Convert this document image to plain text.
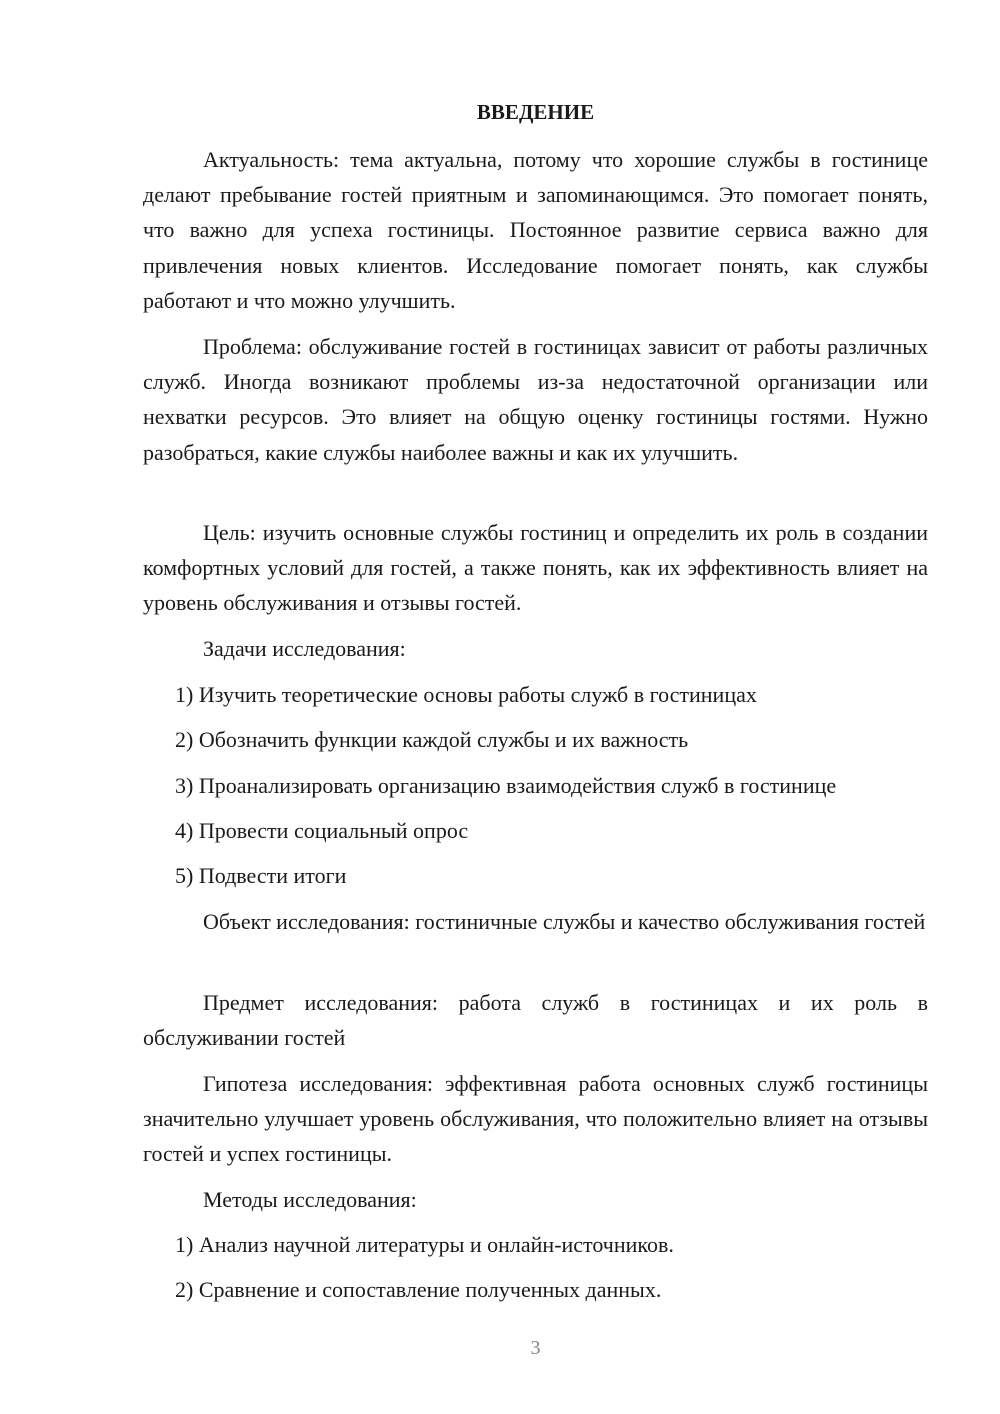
ВВЕДЕНИЕ

Актуальность: тема актуальна, потому что хорошие службы в гостинице делают пребывание гостей приятным и запоминающимся. Это помогает понять, что важно для успеха гостиницы. Постоянное развитие сервиса важно для привлечения новых клиентов. Исследование помогает понять, как службы работают и что можно улучшить.

Проблема: обслуживание гостей в гостиницах зависит от работы различных служб. Иногда возникают проблемы из-за недостаточной организации или нехватки ресурсов. Это влияет на общую оценку гостиницы гостями. Нужно разобраться, какие службы наиболее важны и как их улучшить.

Цель: изучить основные службы гостиниц и определить их роль в создании комфортных условий для гостей, а также понять, как их эффективность влияет на уровень обслуживания и отзывы гостей.

Задачи исследования:

1) Изучить теоретические основы работы служб в гостиницах

2) Обозначить функции каждой службы и их важность

3) Проанализировать организацию взаимодействия служб в гостинице

4) Провести социальный опрос

5) Подвести итоги

Объект исследования: гостиничные службы и качество обслуживания гостей

Предмет исследования: работа служб в гостиницах и их роль в обслуживании гостей

Гипотеза исследования: эффективная работа основных служб гостиницы значительно улучшает уровень обслуживания, что положительно влияет на отзывы гостей и успех гостиницы.

Методы исследования:

1) Анализ научной литературы и онлайн-источников.

2) Сравнение и сопоставление полученных данных.

3
